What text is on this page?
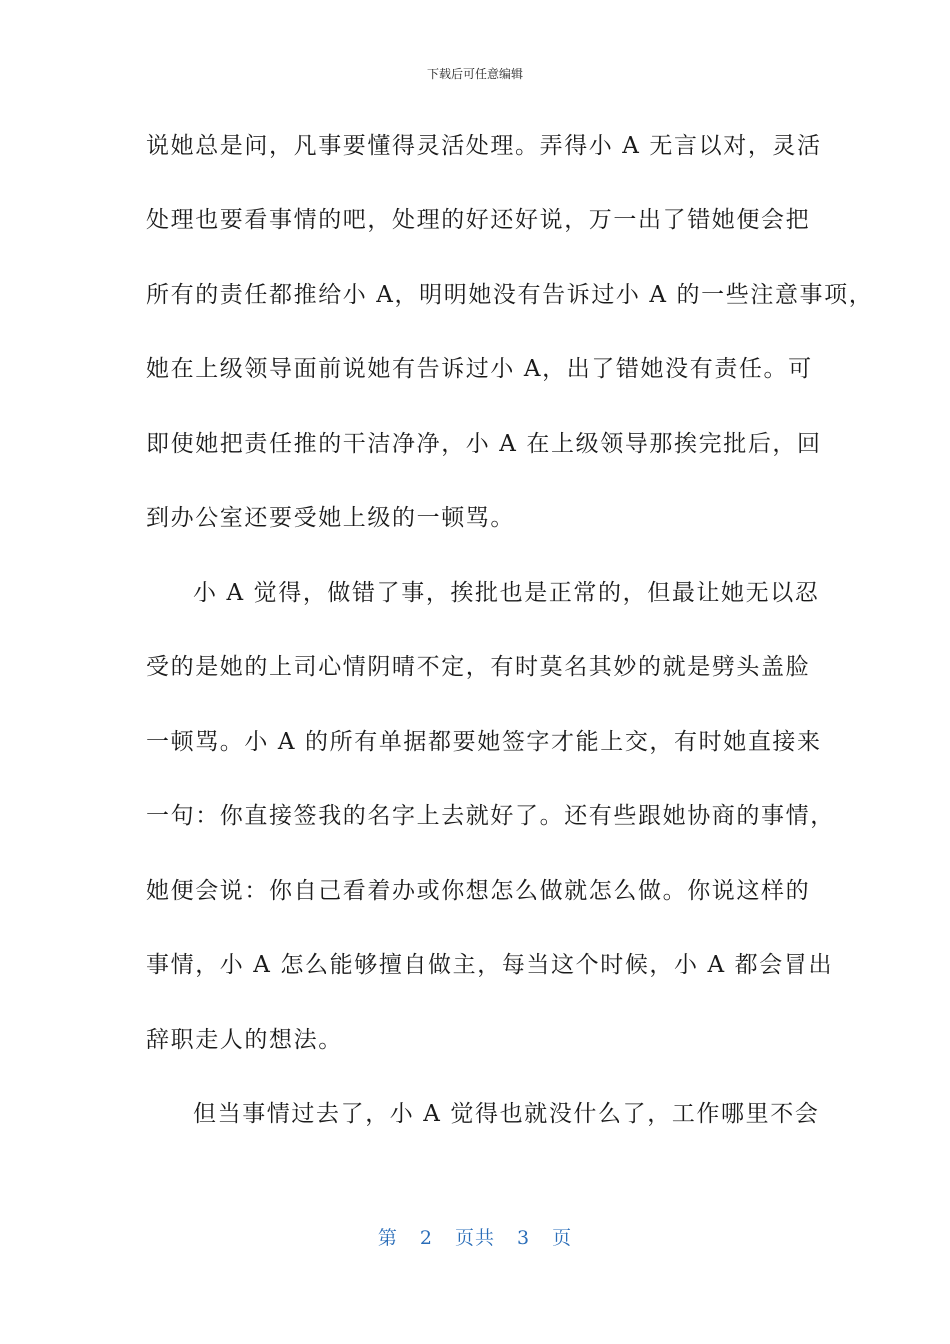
下载后可任意编辑
说她总是问，凡事要懂得灵活处理。弄得小 A 无言以对，灵活
处理也要看事情的吧，处理的好还好说，万一出了错她便会把
所有的责任都推给小 A，明明她没有告诉过小 A 的一些注意事项，
她在上级领导面前说她有告诉过小 A，出了错她没有责任。可
即使她把责任推的干洁净净，小 A 在上级领导那挨完批后，回
到办公室还要受她上级的一顿骂。
小 A 觉得，做错了事，挨批也是正常的，但最让她无以忍
受的是她的上司心情阴晴不定，有时莫名其妙的就是劈头盖脸
一顿骂。小 A 的所有单据都要她签字才能上交，有时她直接来
一句：你直接签我的名字上去就好了。还有些跟她协商的事情，
她便会说：你自己看着办或你想怎么做就怎么做。你说这样的
事情，小 A 怎么能够擅自做主，每当这个时候，小 A 都会冒出
辞职走人的想法。
但当事情过去了，小 A 觉得也就没什么了，工作哪里不会
第 2 页共 3 页
